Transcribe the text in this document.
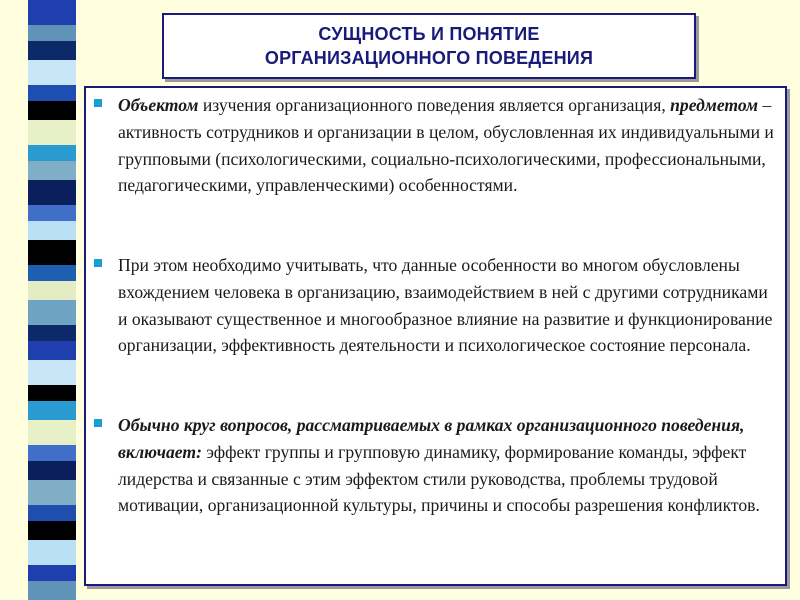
СУЩНОСТЬ И ПОНЯТИЕ
ОРГАНИЗАЦИОННОГО ПОВЕДЕНИЯ
Объектом изучения организационного поведения является организация, предметом – активность сотрудников и организации в целом, обусловленная их индивидуальными и групповыми (психологическими, социально-психологическими, профессиональными, педагогическими, управленческими) особенностями.
При этом необходимо учитывать, что данные особенности во многом обусловлены вхождением человека в организацию, взаимодействием в ней с другими сотрудниками и оказывают существенное и многообразное влияние на развитие и функционирование организации, эффективность деятельности и психологическое состояние персонала.
Обычно круг вопросов, рассматриваемых в рамках организационного поведения, включает: эффект группы и групповую динамику, формирование команды, эффект лидерства и связанные с этим эффектом стили руководства, проблемы трудовой мотивации, организационной культуры, причины и способы разрешения конфликтов.
